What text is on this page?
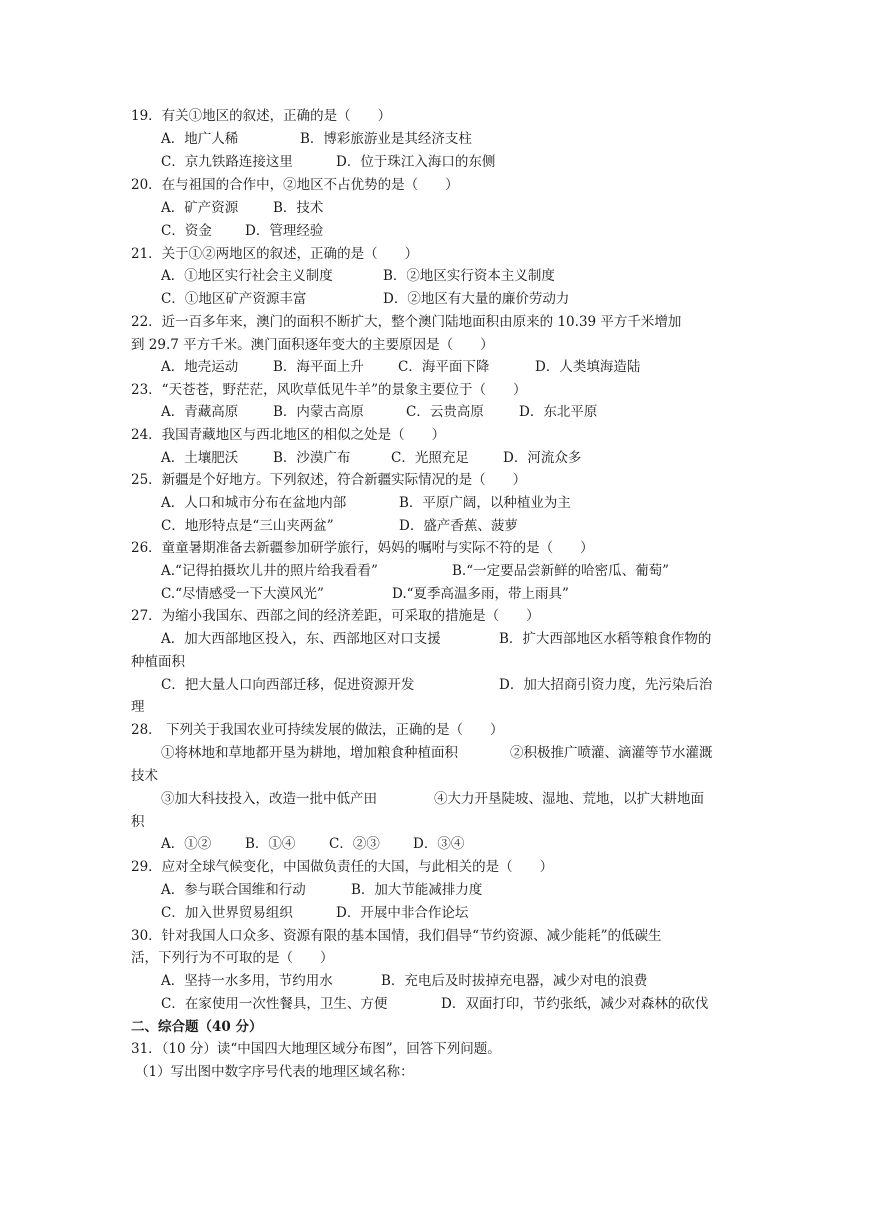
19．有关①地区的叙述，正确的是（　　）
A．地广人稀	B．博彩旅游业是其经济支柱
C．京九铁路连接这里	D．位于珠江入海口的东侧
20．在与祖国的合作中，②地区不占优势的是（　　）
A．矿产资源	B．技术
C．资金 D．管理经验
21．关于①②两地区的叙述，正确的是（　　）
A．①地区实行社会主义制度	B．②地区实行资本主义制度
C．①地区矿产资源丰富	D．②地区有大量的廉价劳动力
22．近一百多年来，澳门的面积不断扩大，整个澳门陆地面积由原来的 10.39 平方千米增加
到 29.7 平方千米。澳门面积逐年变大的主要原因是（　　）
A．地壳运动	B．海平面上升	C．海平面下降	D．人类填海造陆
23．“天苍苍，野茫茫，风吹草低见牛羊”的景象主要位于（　　）
A．青藏高原	B．内蒙古高原	C．云贵高原	D．东北平原
24．我国青藏地区与西北地区的相似之处是（　　）
A．土壤肥沃	B．沙漠广布	C．光照充足	D．河流众多
25．新疆是个好地方。下列叙述，符合新疆实际情况的是（　　）
A．人口和城市分布在盆地内部	B．平原广阔，以种植业为主
C．地形特点是“三山夹两盆”	D．盛产香蕉、菠萝
26．童童暑期准备去新疆参加研学旅行，妈妈的嘱咐与实际不符的是（　　）
A.“记得拍摄坎儿井的照片给我看看”	B.“一定要品尝新鲜的哈密瓜、葡萄”
C.“尽情感受一下大漠风光”	D.“夏季高温多雨，带上雨具”
27．为缩小我国东、西部之间的经济差距，可采取的措施是（　　）
A．加大西部地区投入，东、西部地区对口支援	B．扩大西部地区水稻等粮食作物的
种植面积
C．把大量人口向西部迁移，促进资源开发	D．加大招商引资力度，先污染后治
理
28． 下列关于我国农业可持续发展的做法，正确的是（　　）
①将林地和草地都开垦为耕地，增加粮食种植面积	②积极推广喷灌、滴灌等节水灌溉
技术
③加大科技投入，改造一批中低产田	④大力开垦陡坡、湿地、荒地，以扩大耕地面
积
A．①②	B．①④ C．②③ D．③④
29．应对全球气候变化，中国做负责任的大国，与此相关的是（　　）
A．参与联合国维和行动	B．加大节能减排力度
C．加入世界贸易组织	D．开展中非合作论坛
30．针对我国人口众多、资源有限的基本国情，我们倡导“节约资源、减少能耗”的低碳生
活，下列行为不可取的是（　　）
A．坚持一水多用，节约用水	B．充电后及时拔掉充电器，减少对电的浪费
C．在家使用一次性餐具，卫生、方便	D．双面打印，节约张纸，减少对森林的砍伐
二、综合题（40 分）
31．（10 分）读“中国四大地理区域分布图”，回答下列问题。
（1）写出图中数字序号代表的地理区域名称：
